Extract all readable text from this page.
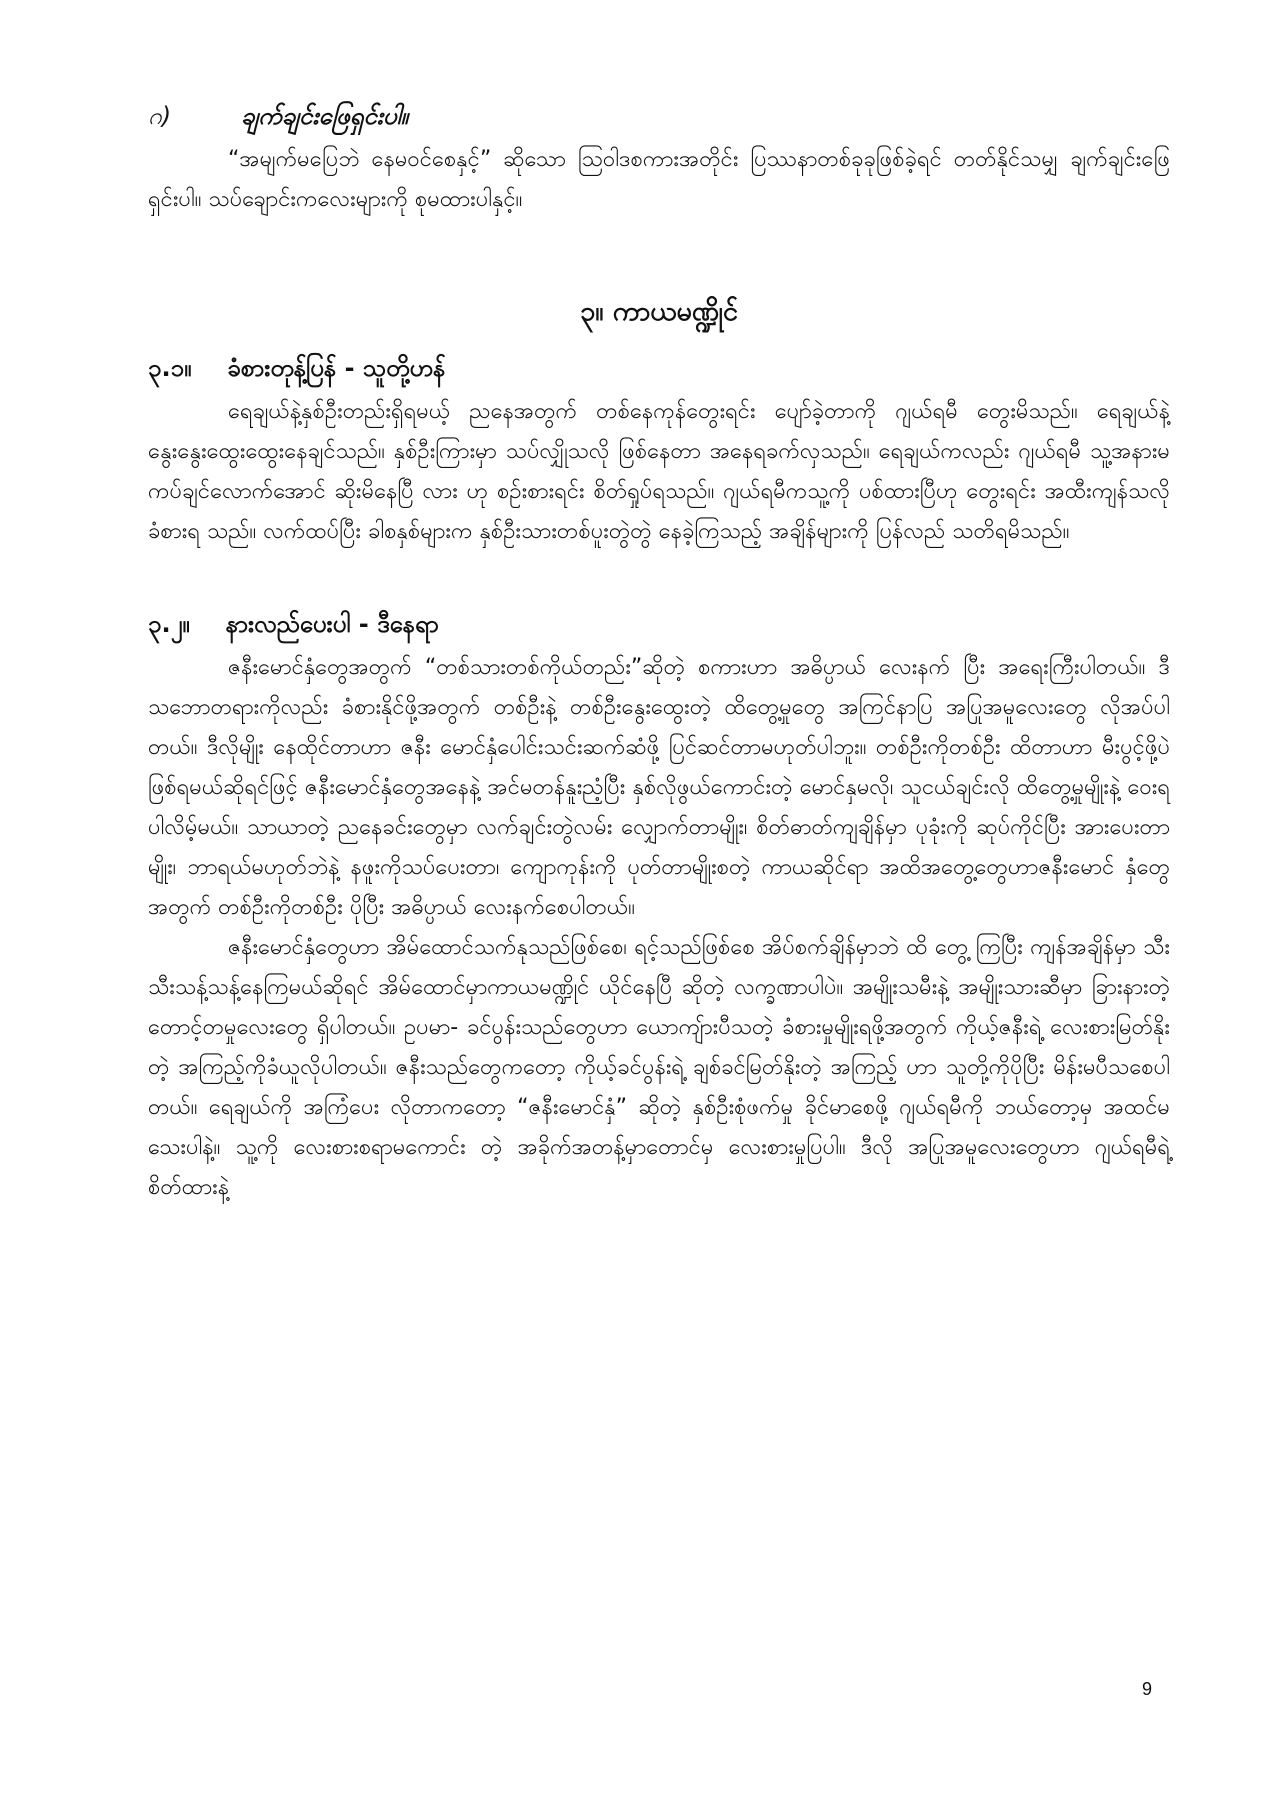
ဂ)	ချက်ချင်းဖြေရှင်းပါ။

“အမျက်မပြေဘဲ နေမဝင်စေနှင့်” ဆိုသော ဩဝါဒစကားအတိုင်း ပြဿနာတစ်ခုခုဖြစ်ခဲ့ရင် တတ်နိုင်သမျှ ချက်ချင်းဖြေရှင်းပါ။ သပ်ချောင်းကလေးများကို စုမထားပါနှင့်။

၃။ ကာယမဏ္ဍိုင်
၃.၁။ ခံစားတုန့်ပြန် - သူတို့ဟန်

ရေချယ်နဲ့နှစ်ဦးတည်းရှိရမယ့် ညနေအတွက် တစ်နေကုန်တွေးရင်း ပျော်ခဲ့တာကို ဂျယ်ရမီ တွေးမိသည်။ ရေချယ်နဲ့နွေးနွေးထွေးထွေးနေချင်သည်။ နှစ်ဦးကြားမှာ သပ်လျှိုသလို ဖြစ်နေတာ အနေရခက်လှသည်။ ရေချယ်ကလည်း ဂျယ်ရမီ သူ့အနားမကပ်ချင်လောက်အောင် ဆိုးမိနေပြီ လား ဟု စဉ်းစားရင်း စိတ်ရှုပ်ရသည်။ ဂျယ်ရမီကသူ့ကို ပစ်ထားပြီဟု တွေးရင်း အထီးကျန်သလိုခံစားရ သည်။ လက်ထပ်ပြီး ခါစနှစ်များက နှစ်ဦးသားတစ်ပူးတွဲတွဲ နေခဲ့ကြသည့် အချိန်များကို ပြန်လည် သတိရမိသည်။

၃.၂။ နားလည်ပေးပါ - ဒီနေရာ

ဇနီးမောင်နှံတွေအတွက် “တစ်သားတစ်ကိုယ်တည်း”ဆိုတဲ့ စကားဟာ အဓိပ္ပာယ် လေးနက် ပြီး အရေးကြီးပါတယ်။ ဒီသဘောတရားကိုလည်း ခံစားနိုင်ဖို့အတွက် တစ်ဦးနဲ့ တစ်ဦးနွေးထွေးတဲ့ ထိတွေ့မှုတွေ အကြင်နာပြ အပြုအမူလေးတွေ လိုအပ်ပါတယ်။ ဒီလိုမျိုး နေထိုင်တာဟာ ဇနီး မောင်နှံပေါင်းသင်းဆက်ဆံဖို့ ပြင်ဆင်တာမဟုတ်ပါဘူး။ တစ်ဦးကိုတစ်ဦး ထိတာဟာ မီးပွင့်ဖို့ပဲ ဖြစ်ရမယ်ဆိုရင်ဖြင့် ဇနီးမောင်နှံတွေအနေနဲ့ အင်မတန်နူးညံ့ပြီး နှစ်လိုဖွယ်ကောင်းတဲ့ မောင်နှမလို၊ သူငယ်ချင်းလို ထိတွေ့မှုမျိုးနဲ့ ဝေးရပါလိမ့်မယ်။ သာယာတဲ့ ညနေခင်းတွေမှာ လက်ချင်းတွဲလမ်း လျှောက်တာမျိုး၊ စိတ်ဓာတ်ကျချိန်မှာ ပုခုံးကို ဆုပ်ကိုင်ပြီး အားပေးတာမျိုး၊ ဘာရယ်မဟုတ်ဘဲနဲ့ နဖူးကိုသပ်ပေးတာ၊ ကျောကုန်းကို ပုတ်တာမျိုးစတဲ့ ကာယဆိုင်ရာ အထိအတွေ့တွေဟာဇနီးမောင် နှံတွေအတွက် တစ်ဦးကိုတစ်ဦး ပိုပြီး အဓိပ္ပာယ် လေးနက်စေပါတယ်။

ဇနီးမောင်နှံတွေဟာ အိမ်ထောင်သက်နုသည်ဖြစ်စေ၊ ရင့်သည်ဖြစ်စေ အိပ်စက်ချိန်မှာဘဲ ထိ တွေ့ ကြပြီး ကျန်အချိန်မှာ သီးသီးသန့်သန့်နေကြမယ်ဆိုရင် အိမ်ထောင်မှာကာယမဏ္ဍိုင် ယိုင်နေပြီ ဆိုတဲ့ လက္ခဏာပါပဲ။ အမျိုးသမီးနဲ့ အမျိုးသားဆီမှာ ခြားနားတဲ့တောင့်တမှုလေးတွေ ရှိပါတယ်။ ဥပမာ- ခင်ပွန်းသည်တွေဟာ ယောကျ်ားပီသတဲ့ ခံစားမှုမျိုးရဖို့အတွက် ကိုယ့်ဇနီးရဲ့ လေးစားမြတ်နိုး တဲ့ အကြည့်ကိုခံယူလိုပါတယ်။ ဇနီးသည်တွေကတော့ ကိုယ့်ခင်ပွန်းရဲ့ ချစ်ခင်မြတ်နိုးတဲ့ အကြည့် ဟာ သူတို့ကိုပိုပြီး မိန်းမပီသစေပါတယ်။ ရေချယ်ကို အကြံပေး လိုတာကတော့ “ဇနီးမောင်နှံ” ဆိုတဲ့ နှစ်ဦးစုံဖက်မှု ခိုင်မာစေဖို့ ဂျယ်ရမီကို ဘယ်တော့မှ အထင်မသေးပါနဲ့။ သူ့ကို လေးစားစရာမကောင်း တဲ့ အခိုက်အတန့်မှာတောင်မှ လေးစားမှုပြပါ။ ဒီလို အပြုအမူလေးတွေဟာ ဂျယ်ရမီရဲ့ စိတ်ထားနဲ့

9
